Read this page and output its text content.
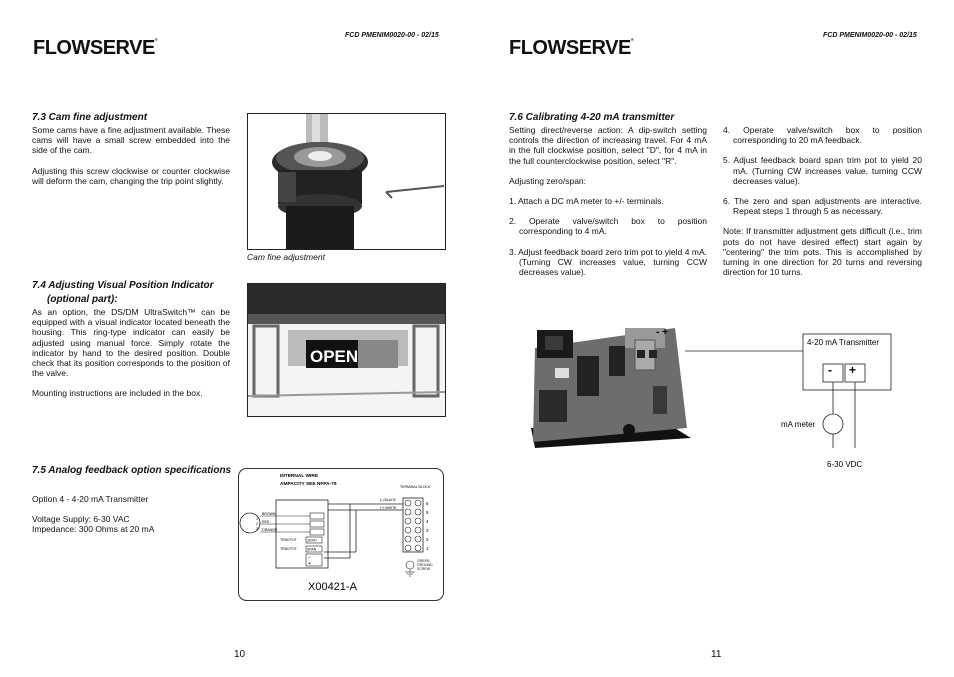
FLOWSERVE®
FCD PMENIM0020-00 - 02/15
7.3 Cam fine adjustment

Some cams have a fine adjustment available. These cams will have a small screw embedded into the side of the cam.

Adjusting this screw clockwise or counter clockwise will deform the cam, changing the trip point slightly.

Cam fine adjustment
7.4 Adjusting Visual Position Indicator
(optional part):

As an option, the DS/DM UltraSwitch™ can be equipped with a visual indicator located beneath the housing. This ring-type indicator can easily be adjusted using manual force. Simply rotate the indicator by hand to the desired position. Double check that its position corresponds to the position of the valve.

Mounting instructions are included in the box.

OPEN
7.5 Analog feedback option specifications

Option 4 - 4-20 mA Transmitter

Voltage Supply: 6-30 VAC

Impedance: 300 Ohms at 20 mA

INTERNAL WIRE
AMPACITY SEE NFPA-79	TERMINAL BLOCK
1
2
3
BROWN
RED
ORANGE
TRIM POT	ZERO
TRIM POT	SPAN
−
+
(-) BLACK
(+) WHITE
6
5
4
3
2
1
GREEN GROUND SCREW
X00421-A
10
FLOWSERVE®
FCD PMENIM0020-00 - 02/15
7.6 Calibrating 4-20 mA transmitter

Setting direct/reverse action: A dip-switch setting controls the direction of increasing travel. For 4 mA in the full clockwise position, select "D", for 4 mA in the full counterclockwise position, select "R".

Adjusting zero/span:

1. Attach a DC mA meter to +/- terminals.
2. Operate valve/switch box to position corresponding to 4 mA.
3. Adjust feedback board zero trim pot to yield 4 mA. (Turning CW increases value, turning CCW decreases value).
4. Operate valve/switch box to position corresponding to 20 mA feedback.
5. Adjust feedback board span trim pot to yield 20 mA. (Turning CW increases value, turning CCW decreases value).
6. The zero and span adjustments are interactive. Repeat steps 1 through 5 as necessary.

Note: If transmitter adjustment gets difficult (i.e., trim pots do not have desired effect) start again by "centering" the trim pots. This is accomplished by turning in one direction for 20 turns and reversing direction for 10 turns.

- +
4-20 mA Transmitter
- +
mA meter
6-30 VDC
11
